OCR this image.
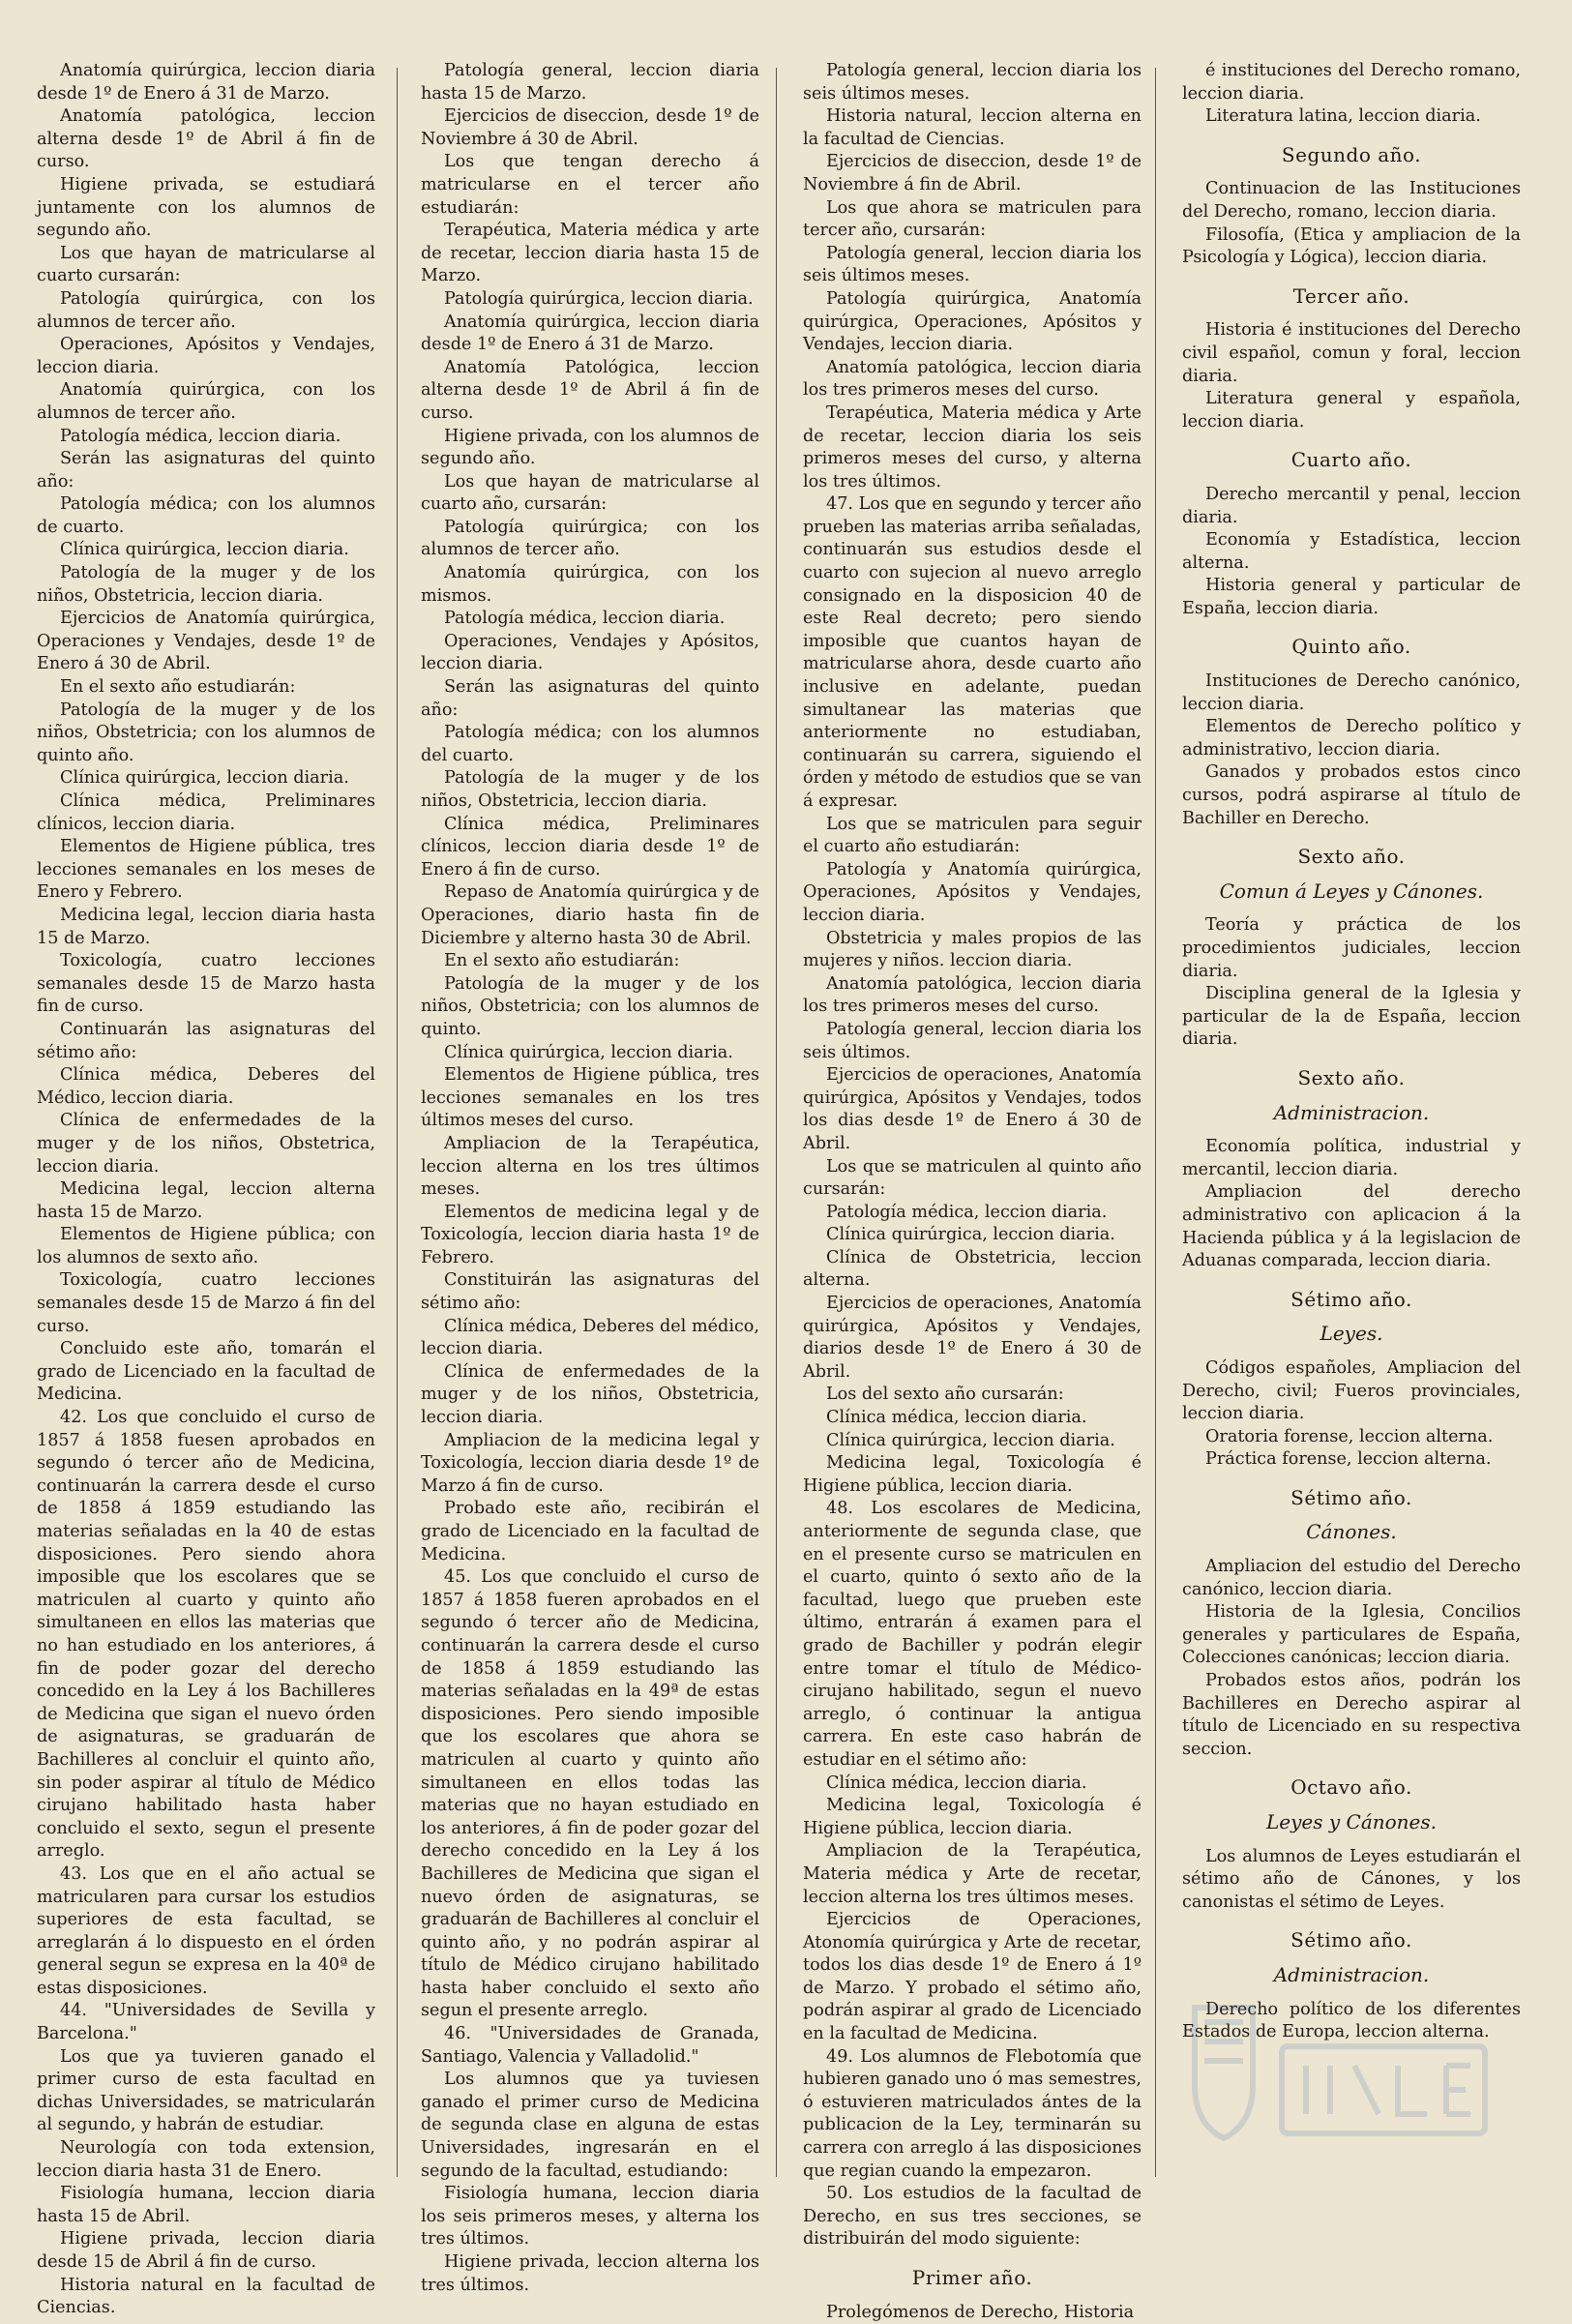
Anatomía quirúrgica, leccion diaria desde 1º de Enero á 31 de Marzo.

Anatomía patológica, leccion alterna desde 1º de Abril á fin de curso.

Higiene privada, se estudiará juntamente con los alumnos de segundo año.

Los que hayan de matricularse al cuarto cursarán:

Patología quirúrgica, con los alumnos de tercer año.

Operaciones, Apósitos y Vendajes, leccion diaria.

Anatomía quirúrgica, con los alumnos de tercer año.

Patología médica, leccion diaria.

Serán las asignaturas del quinto año:

Patología médica; con los alumnos de cuarto.

Clínica quirúrgica, leccion diaria.

Patología de la muger y de los niños, Obstetricia, leccion diaria.

Ejercicios de Anatomía quirúrgica, Operaciones y Vendajes, desde 1º de Enero á 30 de Abril.

En el sexto año estudiarán:

Patología de la muger y de los niños, Obstetricia; con los alumnos de quinto año.

Clínica quirúrgica, leccion diaria.

Clínica médica, Preliminares clínicos, leccion diaria.

Elementos de Higiene pública, tres lecciones semanales en los meses de Enero y Febrero.

Medicina legal, leccion diaria hasta 15 de Marzo.

Toxicología, cuatro lecciones semanales desde 15 de Marzo hasta fin de curso.

Continuarán las asignaturas del sétimo año:

Clínica médica, Deberes del Médico, leccion diaria.

Clínica de enfermedades de la muger y de los niños, Obstetrica, leccion diaria.

Medicina legal, leccion alterna hasta 15 de Marzo.

Elementos de Higiene pública; con los alumnos de sexto año.

Toxicología, cuatro lecciones semanales desde 15 de Marzo á fin del curso.

Concluido este año, tomarán el grado de Licenciado en la facultad de Medicina.

42. Los que concluido el curso de 1857 á 1858 fuesen aprobados en segundo ó tercer año de Medicina, continuarán la carrera desde el curso de 1858 á 1859 estudiando las materias señaladas en la 40 de estas disposiciones. Pero siendo ahora imposible que los escolares que se matriculen al cuarto y quinto año simultaneen en ellos las materias que no han estudiado en los anteriores, á fin de poder gozar del derecho concedido en la Ley á los Bachilleres de Medicina que sigan el nuevo órden de asignaturas, se graduarán de Bachilleres al concluir el quinto año, sin poder aspirar al título de Médico cirujano habilitado hasta haber concluido el sexto, segun el presente arreglo.

43. Los que en el año actual se matricularen para cursar los estudios superiores de esta facultad, se arreglarán á lo dispuesto en el órden general segun se expresa en la 40ª de estas disposiciones.

44. "Universidades de Sevilla y Barcelona."

Los que ya tuvieren ganado el primer curso de esta facultad en dichas Universidades, se matricularán al segundo, y habrán de estudiar.

Neurología con toda extension, leccion diaria hasta 31 de Enero.

Fisiología humana, leccion diaria hasta 15 de Abril.

Higiene privada, leccion diaria desde 15 de Abril á fin de curso.

Historia natural en la facultad de Ciencias.

Patología general, leccion diaria hasta 15 de Marzo.

Ejercicios de diseccion, desde 1º de Noviembre á 30 de Abril.

Los que tengan derecho á matricularse en el tercer año estudiarán:

Terapéutica, Materia médica y arte de recetar, leccion diaria hasta 15 de Marzo.

Patología quirúrgica, leccion diaria.

Anatomía quirúrgica, leccion diaria desde 1º de Enero á 31 de Marzo.

Anatomía Patológica, leccion alterna desde 1º de Abril á fin de curso.

Higiene privada, con los alumnos de segundo año.

Los que hayan de matricularse al cuarto año, cursarán:

Patología quirúrgica; con los alumnos de tercer año.

Anatomía quirúrgica, con los mismos.

Patología médica, leccion diaria.

Operaciones, Vendajes y Apósitos, leccion diaria.

Serán las asignaturas del quinto año:

Patología médica; con los alumnos del cuarto.

Patología de la muger y de los niños, Obstetricia, leccion diaria.

Clínica médica, Preliminares clínicos, leccion diaria desde 1º de Enero á fin de curso.

Repaso de Anatomía quirúrgica y de Operaciones, diario hasta fin de Diciembre y alterno hasta 30 de Abril.

En el sexto año estudiarán:

Patología de la muger y de los niños, Obstetricia; con los alumnos de quinto.

Clínica quirúrgica, leccion diaria.

Elementos de Higiene pública, tres lecciones semanales en los tres últimos meses del curso.

Ampliacion de la Terapéutica, leccion alterna en los tres últimos meses.

Elementos de medicina legal y de Toxicología, leccion diaria hasta 1º de Febrero.

Constituirán las asignaturas del sétimo año:

Clínica médica, Deberes del médico, leccion diaria.

Clínica de enfermedades de la muger y de los niños, Obstetricia, leccion diaria.

Ampliacion de la medicina legal y Toxicología, leccion diaria desde 1º de Marzo á fin de curso.

Probado este año, recibirán el grado de Licenciado en la facultad de Medicina.

45. Los que concluido el curso de 1857 á 1858 fueren aprobados en el segundo ó tercer año de Medicina, continuarán la carrera desde el curso de 1858 á 1859 estudiando las materias señaladas en la 49ª de estas disposiciones. Pero siendo imposible que los escolares que ahora se matriculen al cuarto y quinto año simultaneen en ellos todas las materias que no hayan estudiado en los anteriores, á fin de poder gozar del derecho concedido en la Ley á los Bachilleres de Medicina que sigan el nuevo órden de asignaturas, se graduarán de Bachilleres al concluir el quinto año, y no podrán aspirar al título de Médico cirujano habilitado hasta haber concluido el sexto año segun el presente arreglo.

46. "Universidades de Granada, Santiago, Valencia y Valladolid."

Los alumnos que ya tuviesen ganado el primer curso de Medicina de segunda clase en alguna de estas Universidades, ingresarán en el segundo de la facultad, estudiando:

Fisiología humana, leccion diaria los seis primeros meses, y alterna los tres últimos.

Higiene privada, leccion alterna los tres últimos.

Patología general, leccion diaria los seis últimos meses.

Historia natural, leccion alterna en la facultad de Ciencias.

Ejercicios de diseccion, desde 1º de Noviembre á fin de Abril.

Los que ahora se matriculen para tercer año, cursarán:

Patología general, leccion diaria los seis últimos meses.

Patología quirúrgica, Anatomía quirúrgica, Operaciones, Apósitos y Vendajes, leccion diaria.

Anatomía patológica, leccion diaria los tres primeros meses del curso.

Terapéutica, Materia médica y Arte de recetar, leccion diaria los seis primeros meses del curso, y alterna los tres últimos.

47. Los que en segundo y tercer año prueben las materias arriba señaladas, continuarán sus estudios desde el cuarto con sujecion al nuevo arreglo consignado en la disposicion 40 de este Real decreto; pero siendo imposible que cuantos hayan de matricularse ahora, desde cuarto año inclusive en adelante, puedan simultanear las materias que anteriormente no estudiaban, continuarán su carrera, siguiendo el órden y método de estudios que se van á expresar.

Los que se matriculen para seguir el cuarto año estudiarán:

Patología y Anatomía quirúrgica, Operaciones, Apósitos y Vendajes, leccion diaria.

Obstetricia y males propios de las mujeres y niños. leccion diaria.

Anatomía patológica, leccion diaria los tres primeros meses del curso.

Patología general, leccion diaria los seis últimos.

Ejercicios de operaciones, Anatomía quirúrgica, Apósitos y Vendajes, todos los dias desde 1º de Enero á 30 de Abril.

Los que se matriculen al quinto año cursarán:

Patología médica, leccion diaria.

Clínica quirúrgica, leccion diaria.

Clínica de Obstetricia, leccion alterna.

Ejercicios de operaciones, Anatomía quirúrgica, Apósitos y Vendajes, diarios desde 1º de Enero á 30 de Abril.

Los del sexto año cursarán:

Clínica médica, leccion diaria.

Clínica quirúrgica, leccion diaria.

Medicina legal, Toxicología é Higiene pública, leccion diaria.

48. Los escolares de Medicina, anteriormente de segunda clase, que en el presente curso se matriculen en el cuarto, quinto ó sexto año de la facultad, luego que prueben este último, entrarán á examen para el grado de Bachiller y podrán elegir entre tomar el título de Médico-cirujano habilitado, segun el nuevo arreglo, ó continuar la antigua carrera. En este caso habrán de estudiar en el sétimo año:

Clínica médica, leccion diaria.

Medicina legal, Toxicología é Higiene pública, leccion diaria.

Ampliacion de la Terapéutica, Materia médica y Arte de recetar, leccion alterna los tres últimos meses.

Ejercicios de Operaciones, Atonomía quirúrgica y Arte de recetar, todos los dias desde 1º de Enero á 1º de Marzo. Y probado el sétimo año, podrán aspirar al grado de Licenciado en la facultad de Medicina.

49. Los alumnos de Flebotomía que hubieren ganado uno ó mas semestres, ó estuvieren matriculados ántes de la publicacion de la Ley, terminarán su carrera con arreglo á las disposiciones que regian cuando la empezaron.

50. Los estudios de la facultad de Derecho, en sus tres secciones, se distribuirán del modo siguiente:

Primer año.

Prolegómenos de Derecho, Historia

é instituciones del Derecho romano, leccion diaria.

Literatura latina, leccion diaria.

Segundo año.

Continuacion de las Instituciones del Derecho, romano, leccion diaria.

Filosofía, (Etica y ampliacion de la Psicología y Lógica), leccion diaria.

Tercer año.

Historia é instituciones del Derecho civil español, comun y foral, leccion diaria.

Literatura general y española, leccion diaria.

Cuarto año.

Derecho mercantil y penal, leccion diaria.

Economía y Estadística, leccion alterna.

Historia general y particular de España, leccion diaria.

Quinto año.

Instituciones de Derecho canónico, leccion diaria.

Elementos de Derecho político y administrativo, leccion diaria.

Ganados y probados estos cinco cursos, podrá aspirarse al título de Bachiller en Derecho.

Sexto año.

Comun á Leyes y Cánones.

Teoría y práctica de los procedimientos judiciales, leccion diaria.

Disciplina general de la Iglesia y particular de la de España, leccion diaria.

Sexto año.

Administracion.

Economía política, industrial y mercantil, leccion diaria.

Ampliacion del derecho administrativo con aplicacion á la Hacienda pública y á la legislacion de Aduanas comparada, leccion diaria.

Sétimo año.

Leyes.

Códigos españoles, Ampliacion del Derecho, civil; Fueros provinciales, leccion diaria.

Oratoria forense, leccion alterna.

Práctica forense, leccion alterna.

Sétimo año.

Cánones.

Ampliacion del estudio del Derecho canónico, leccion diaria.

Historia de la Iglesia, Concilios generales y particulares de España, Colecciones canónicas; leccion diaria.

Probados estos años, podrán los Bachilleres en Derecho aspirar al título de Licenciado en su respectiva seccion.

Octavo año.

Leyes y Cánones.

Los alumnos de Leyes estudiarán el sétimo año de Cánones, y los canonistas el sétimo de Leyes.

Sétimo año.

Administracion.

Derecho político de los diferentes Estados de Europa, leccion alterna.
